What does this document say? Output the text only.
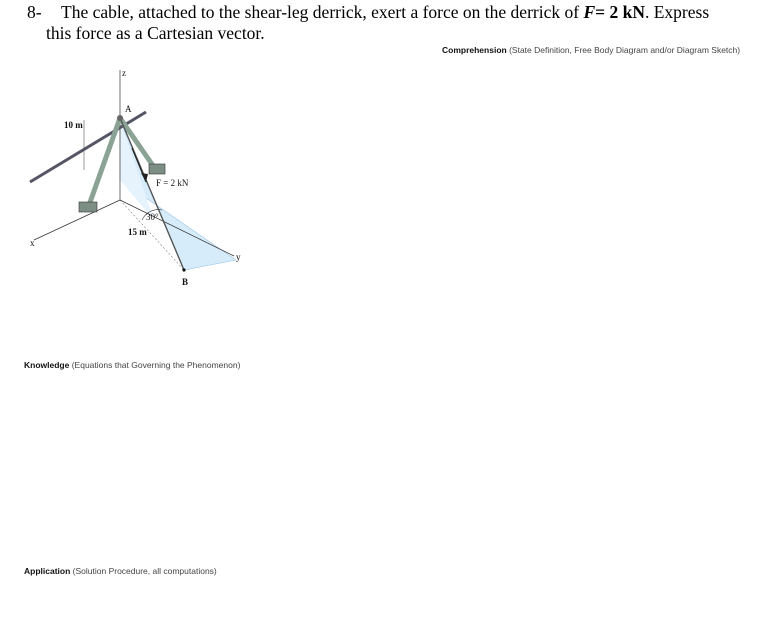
8- The cable, attached to the shear-leg derrick, exert a force on the derrick of F= 2 kN. Express
this force as a Cartesian vector.
Comprehension (State Definition, Free Body Diagram and/or Diagram Sketch)
z
x
y
A
B
10 m
F = 2 kN
30°
15 m
Knowledge (Equations that Governing the Phenomenon)
Application (Solution Procedure, all computations)
